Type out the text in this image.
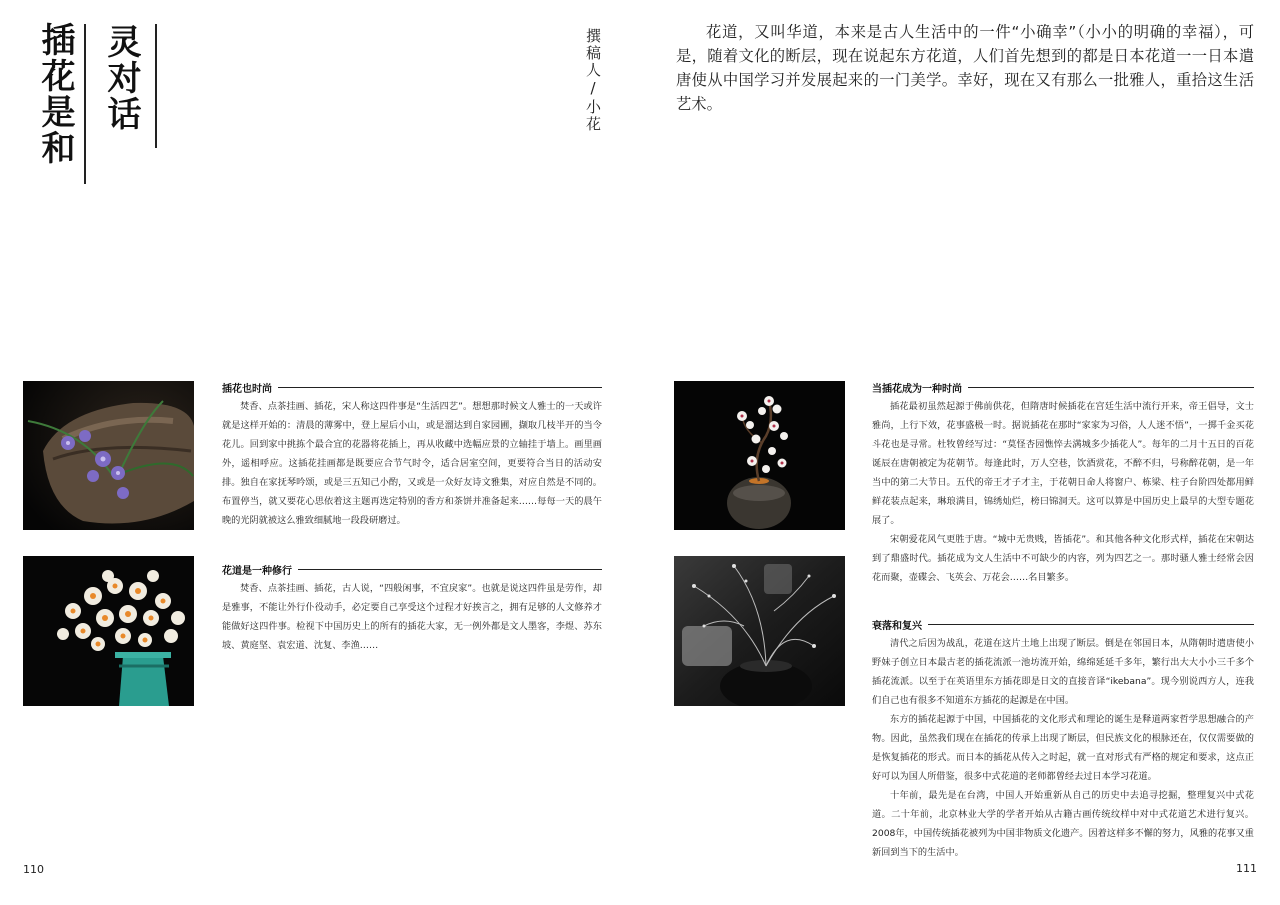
插花是和 灵对话	撰稿人/小花	花道，又叫华道，本来是古人生活中的一件“小确幸”（小小的明确的幸福），可是，随着文化的断层，现在说起东方花道，人们首先想到的都是日本花道一一日本遣唐使从中国学习并发展起来的一门美学。幸好，现在又有那么一批雅人，重拾这生活艺术。

插花也时尚

焚香、点茶挂画、插花，宋人称这四件事是“生活四艺”。想想那时候文人雅士的一天或许就是这样开始的：清晨的薄雾中，登上屋后小山，或是溜达到自家园圃，撷取几枝半开的当令花儿。回到家中挑拣个最合宜的花器将花插上，再从收藏中选幅应景的立轴挂于墙上。画里画外，遥相呼应。这插花挂画都是既要应合节气时令，适合居室空间，更要符合当日的活动安排。独自在家抚琴吟颂，或是三五知己小酌，又或是一众好友诗文雅集，对应自然是不同的。布置停当，就又要花心思依着这主题再选定特别的香方和茶饼并准备起来……每每一天的晨午晚的光阴就被这么雅致细腻地一段段研磨过。

花道是一种修行

焚香、点茶挂画、插花，古人说，“四般闲事，不宜戾家”。也就是说这四件虽是劳作，却是雅事，不能让外行仆役动手，必定要自己享受这个过程才好挨言之，拥有足够的人文修养才能做好这四件事。检视下中国历史上的所有的插花大家，无一例外都是文人墨客，李煜、苏东坡、黄庭坚、袁宏道、沈复、李渔……

当插花成为一种时尚

插花最初虽然起源于佛前供花，但隋唐时候插花在宫廷生活中流行开来，帝王倡导，文士雅尚，上行下效，花事盛极一时。据说插花在那时“家家为习俗，人人迷不悟”，一掷千金买花斗花也是寻常。杜牧曾经写过：“莫怪杏园憔悴去满城多少插花人”。每年的二月十五日的百花诞辰在唐朝被定为花朝节。每逢此时，万人空巷，饮酒赏花，不醉不归，号称醉花朝，是一年当中的第二大节日。五代的帝王才子才主，于花朝日命人将窗户、栋梁、柱子台阶四处都用鲜鲜花装点起来，琳琅满目，锦绣灿烂，榜曰锦洞天。这可以算是中国历史上最早的大型专题花展了。

宋朝爱花风气更胜于唐。“城中无贵贱，皆插花”。和其他各种文化形式样，插花在宋朝达到了鼎盛时代。插花成为文人生活中不可缺少的内容，列为四艺之一。那时骚人雅士经常会因花而聚，壶碟会、飞英会、万花会……名目繁多。

衰落和复兴

清代之后因为战乱，花道在这片土地上出现了断层。倒是在邻国日本，从隋朝时遣唐使小野妹子创立日本最古老的插花流派一池坊流开始，绵绵延延千多年，繁行出大大小小三千多个插花流派。以至于在英语里东方插花即是日文的直接音译“ikebana”。现今别说西方人，连我们自己也有很多不知道东方插花的起源是在中国。

东方的插花起源于中国，中国插花的文化形式和理论的诞生是释道两家哲学思想融合的产物。因此，虽然我们现在在插花的传承上出现了断层，但民族文化的根脉还在，仅仅需要做的是恢复插花的形式。而日本的插花从传入之时起，就一直对形式有严格的规定和要求，这点正好可以为国人所借鉴，很多中式花道的老师都曾经去过日本学习花道。

十年前，最先是在台湾，中国人开始重新从自己的历史中去追寻挖掘，整理复兴中式花道。二十年前，北京林业大学的学者开始从古籍古画传统纹样中对中式花道艺术进行复兴。2008年，中国传统插花被列为中国非物质文化遗产。因着这样多不懈的努力，风雅的花事又重新回到当下的生活中。

110	111
